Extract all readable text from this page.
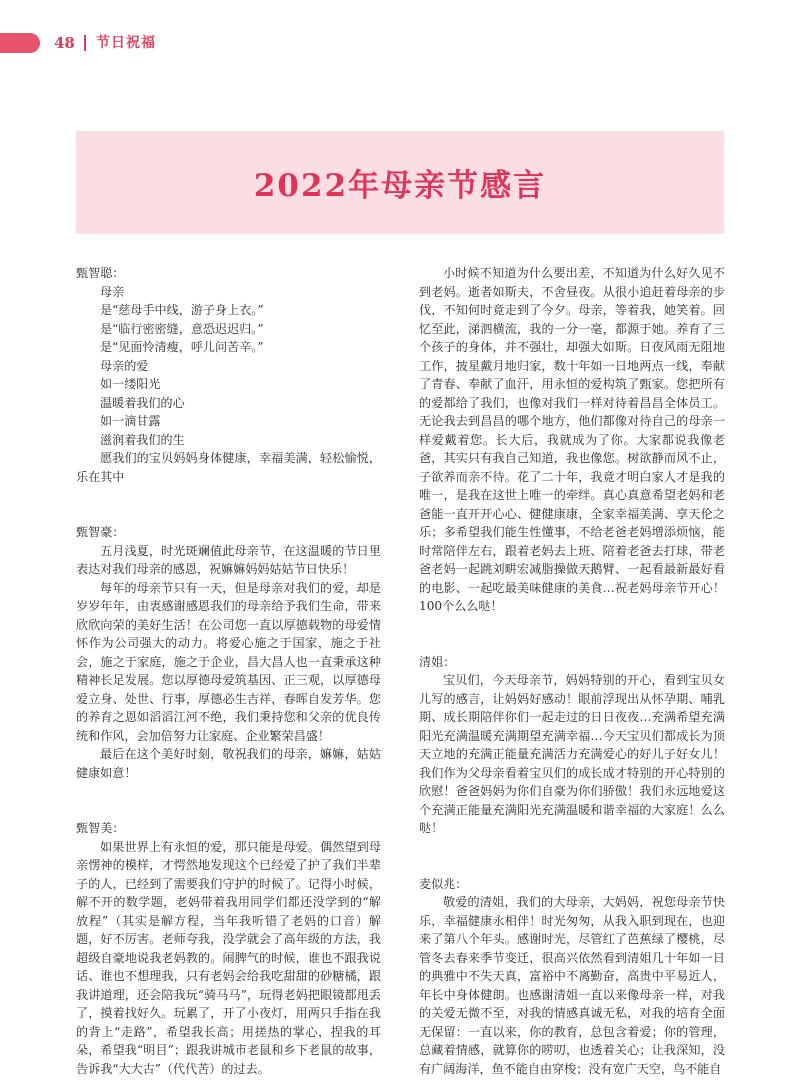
48 节日祝福
2022年母亲节感言

甄智聪：

母亲

是“慈母手中线，游子身上衣。”

是“临行密密缝，意恐迟迟归。”

是“见面怜清瘦，呼儿问苦辛。”

母亲的爱

如一缕阳光

温暖着我们的心

如一滴甘露

滋润着我们的生

愿我们的宝贝妈妈身体健康，幸福美满，轻松愉悦，乐在其中

甄智豪：

五月浅夏，时光斑斓值此母亲节，在这温暖的节日里表达对我们母亲的感恩，祝嫲嫲妈妈姑姑节日快乐！

每年的母亲节只有一天，但是母亲对我们的爱，却是岁岁年年，由衷感谢感恩我们的母亲给予我们生命，带来欣欣向荣的美好生活！在公司您一直以厚德载物的母爱情怀作为公司强大的动力。将爱心施之于国家，施之于社会，施之于家庭，施之于企业，昌大昌人也一直秉承这种精神长足发展。您以厚德母爱筑基因、正三观，以厚德母爱立身、处世、行事，厚德必生吉祥，春晖自发芳华。您的养育之恩如滔滔江河不绝，我们秉持您和父亲的优良传统和作风，会加倍努力让家庭、企业繁荣昌盛！

最后在这个美好时刻，敬祝我们的母亲，嫲嫲，姑姑健康如意！

甄智美：

如果世界上有永恒的爱，那只能是母爱。偶然望到母亲愣神的模样，才愕然地发现这个已经爱了护了我们半辈子的人，已经到了需要我们守护的时候了。记得小时候，解不开的数学题，老妈带着我用同学们都还没学到的“解放程”（其实是解方程，当年我听错了老妈的口音）解题，好不厉害。老师夸我，没学就会了高年级的方法，我超级自豪地说我老妈教的。闹脾气的时候，谁也不跟我说话、谁也不想理我，只有老妈会给我吃甜甜的砂糖橘，跟我讲道理，还会陪我玩“骑马马”，玩得老妈把眼镜都甩丢了，摸着找好久。玩累了，开了小夜灯，用两只手指在我的背上“走路”，希望我长高；用搓热的掌心，捏我的耳朵，希望我“明目”；跟我讲城市老鼠和乡下老鼠的故事，告诉我“大大古”（代代苦）的过去。

小时候不知道为什么要出差，不知道为什么好久见不到老妈。逝者如斯夫，不舍昼夜。从很小追赶着母亲的步伐，不知何时竟走到了今夕。母亲，等着我，她笑着。回忆至此，涕泗横流，我的一分一毫，都源于她。养育了三个孩子的身体，并不强壮，却强大如斯。日夜风雨无阻地工作，披星戴月地归家，数十年如一日地两点一线，奉献了青春、奉献了血汗，用永恒的爱构筑了甄家。您把所有的爱都给了我们，也像对我们一样对待着昌昌全体员工。无论我去到昌昌的哪个地方，他们都像对待自己的母亲一样爱戴着您。长大后，我就成为了你。大家都说我像老爸，其实只有我自己知道，我也像您。树欲静而风不止，子欲养而亲不待。花了二十年，我竟才明白家人才是我的唯一，是我在这世上唯一的牵绊。真心真意希望老妈和老爸能一直开开心心、健健康康，全家幸福美满、享天伦之乐；多希望我们能生性懂事，不给老爸老妈增添烦恼，能时常陪伴左右，跟着老妈去上班、陪着老爸去打球，带老爸老妈一起跳刘畊宏减脂操做天鹅臂、一起看最新最好看的电影、一起吃最美味健康的美食…祝老妈母亲节开心！100个么么哒！

清姐：

宝贝们，今天母亲节，妈妈特别的开心，看到宝贝女儿写的感言，让妈妈好感动！眼前浮现出从怀孕期、哺乳期、成长期陪伴你们一起走过的日日夜夜…充满希望充满阳光充满温暖充满期望充满幸福…今天宝贝们都成长为顶天立地的充满正能量充满活力充满爱心的好儿子好女儿！我们作为父母亲看着宝贝们的成长成才特别的开心特别的欣慰！爸爸妈妈为你们自豪为你们骄傲！我们永远地爱这个充满正能量充满阳光充满温暖和谐幸福的大家庭！么么哒！

麦似兆：

敬爱的清姐，我们的大母亲，大妈妈，祝您母亲节快乐，幸福健康永相伴！时光匆匆，从我入职到现在，也迎来了第八个年头。感谢时光，尽管红了芭蕉绿了樱桃，尽管冬去春来季节变迁，很高兴依然看到清姐几十年如一日的典雅中不失天真，富裕中不离勤奋，高贵中平易近人，年长中身体健朗。也感谢清姐一直以来像母亲一样，对我的关爱无微不至，对我的情感真诚无私，对我的培育全面无保留：一直以来，你的教育，总包含着爱；你的管理，总藏着情感，就算你的唠叨，也透着关心；让我深知，没有广阔海洋，鱼不能自由穿梭；没有宽广天空，鸟不能自
